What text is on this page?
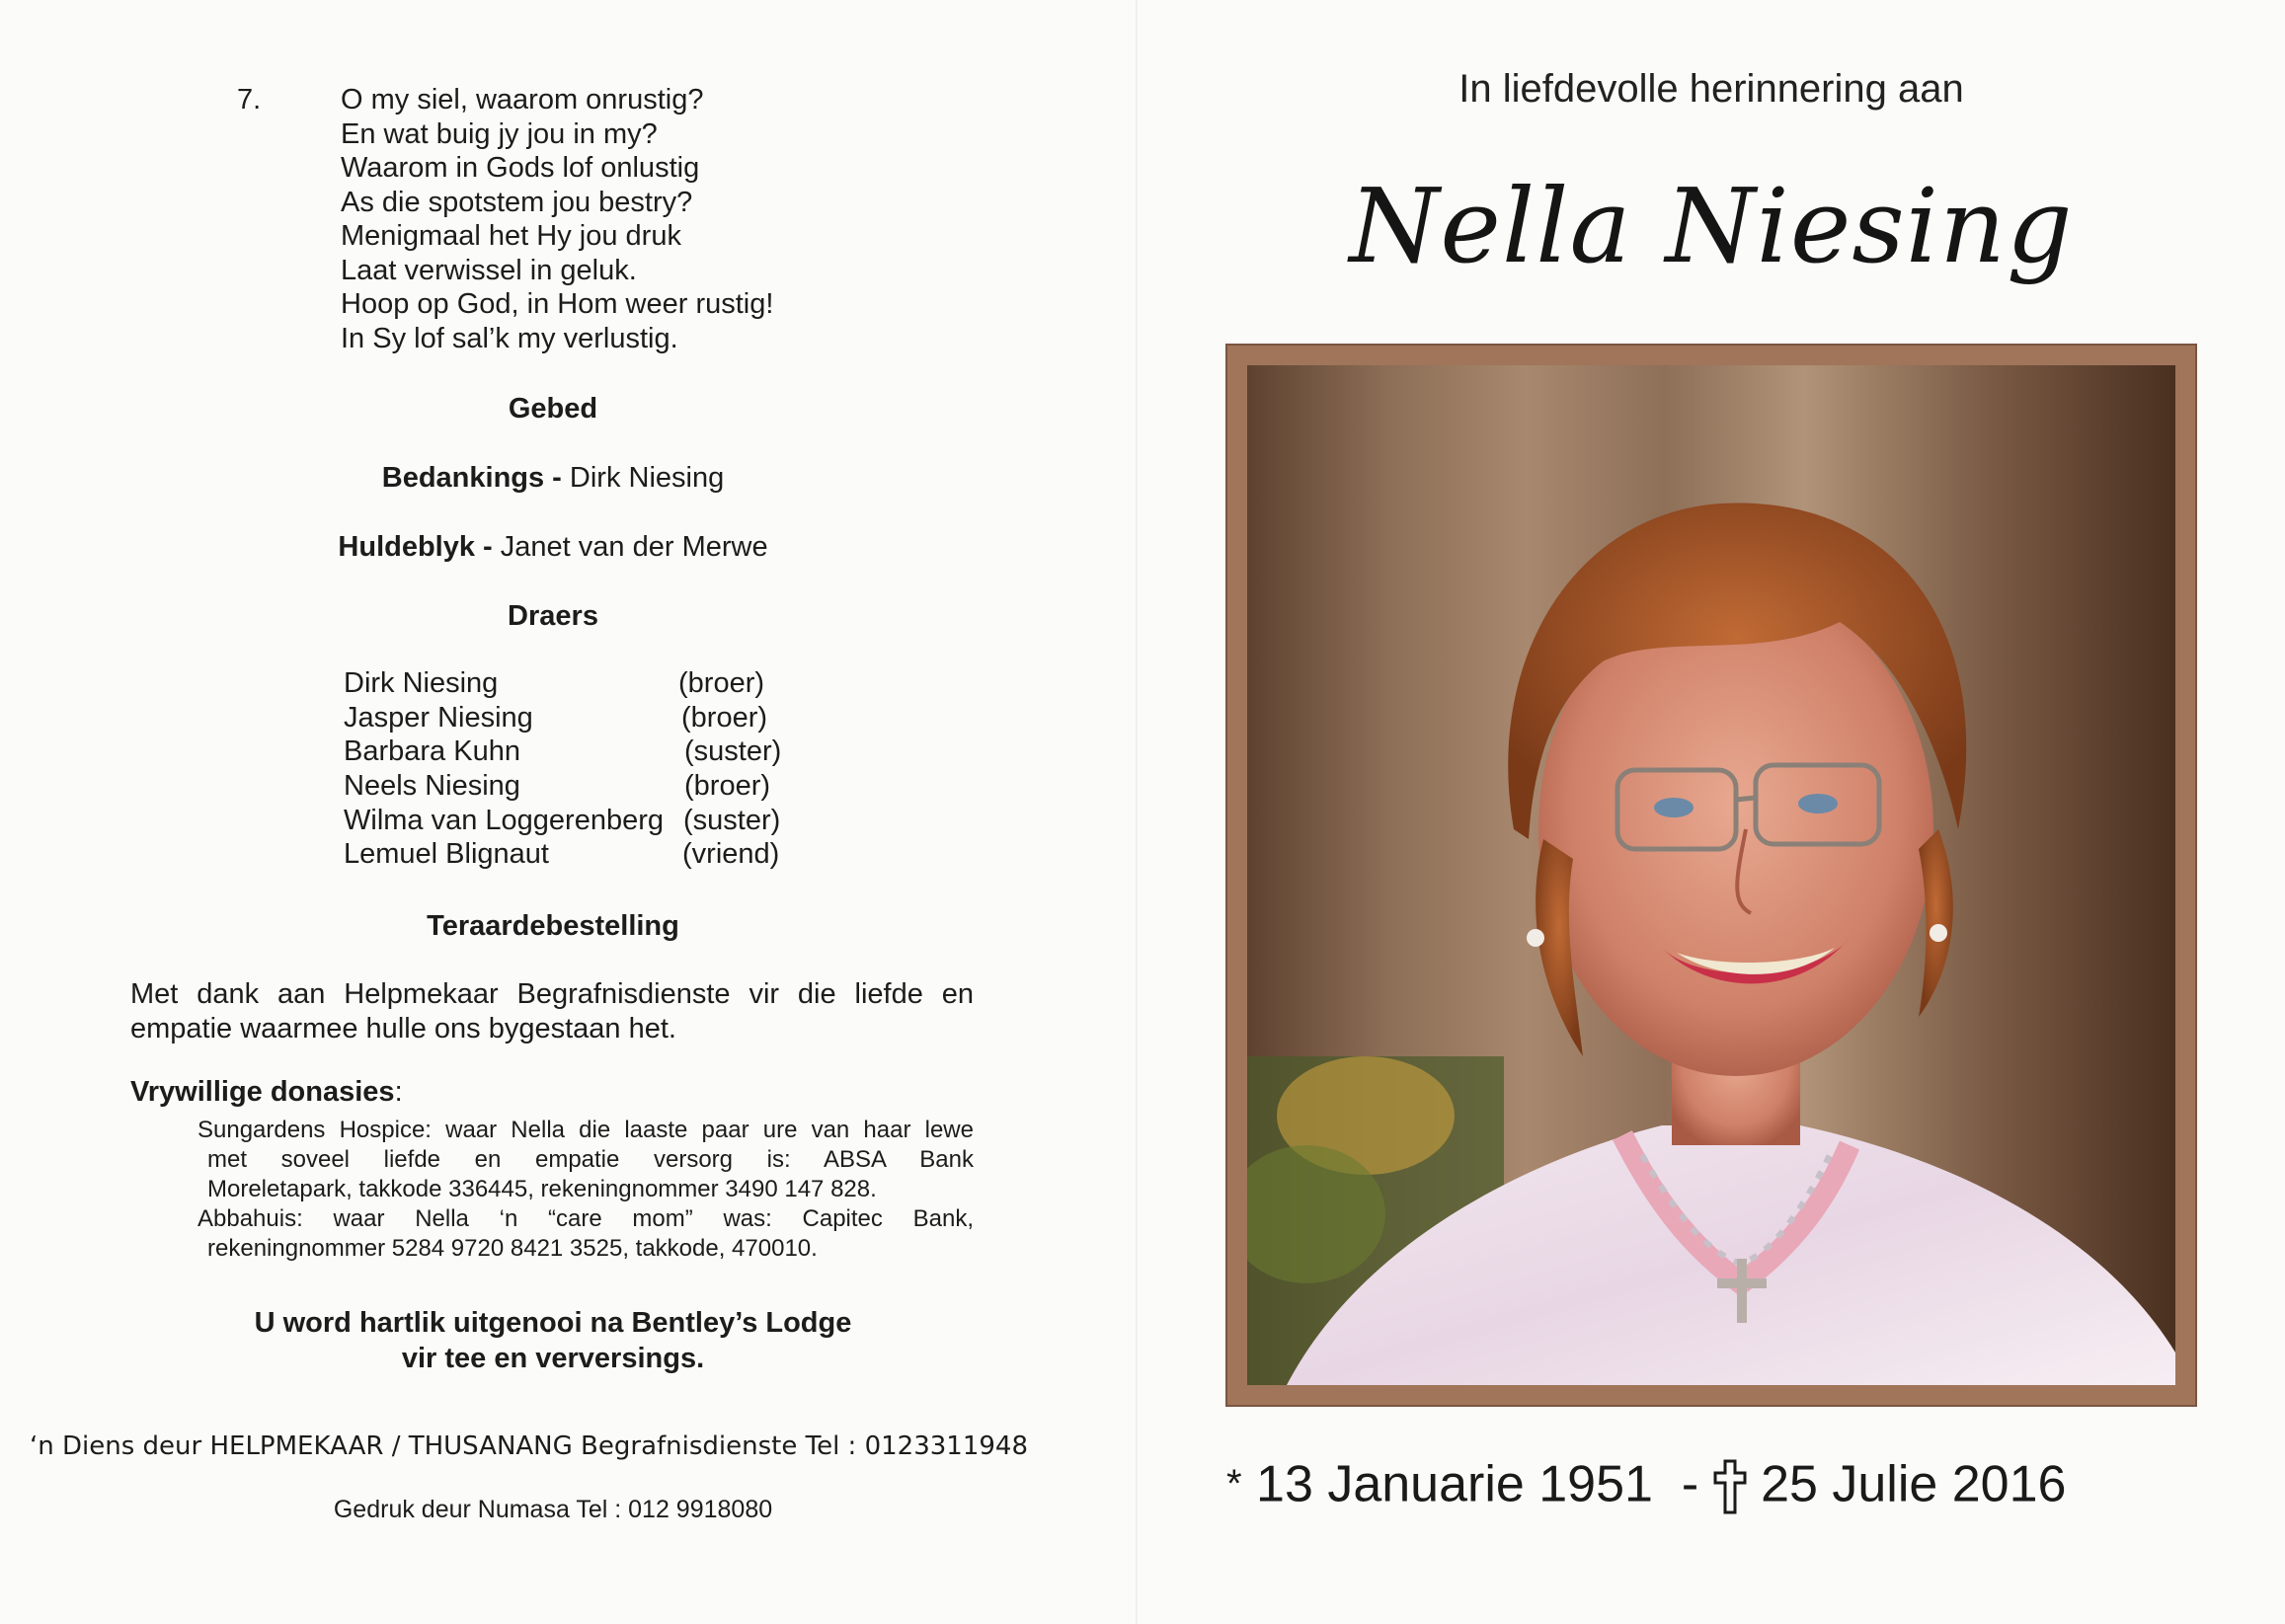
7.	O my siel, waarom onrustig?
En wat buig jy jou in my?
Waarom in Gods lof onlustig
As die spotstem jou bestry?
Menigmaal het Hy jou druk
Laat verwissel in geluk.
Hoop op God, in Hom weer rustig!
In Sy lof sal’k my verlustig.
Gebed
Bedankings - Dirk Niesing
Huldeblyk - Janet van der Merwe
Draers
Dirk Niesing	(broer)
Jasper Niesing	(broer)
Barbara Kuhn	(suster)
Neels Niesing	(broer)
Wilma van Loggerenberg (suster)
Lemuel Blignaut	(vriend)
Teraardebestelling
Met dank aan Helpmekaar Begrafnisdienste vir die liefde en empatie waarmee hulle ons bygestaan het.
Vrywillige donasies:
Sungardens Hospice: waar Nella die laaste paar ure van haar lewe
met soveel liefde en empatie versorg is: ABSA Bank
Moreletapark, takkode 336445, rekeningnommer 3490 147 828.
Abbahuis: waar Nella ‘n “care mom” was: Capitec Bank,
rekeningnommer 5284 9720 8421 3525, takkode, 470010.
U word hartlik uitgenooi na Bentley’s Lodge
vir tee en verversings.
‘n Diens deur HELPMEKAAR / THUSANANG Begrafnisdienste Tel : 0123311948
Gedruk deur Numasa Tel : 012 9918080
In liefdevolle herinnering aan
Nella Niesing
* 13 Januarie 1951 - 25 Julie 2016
